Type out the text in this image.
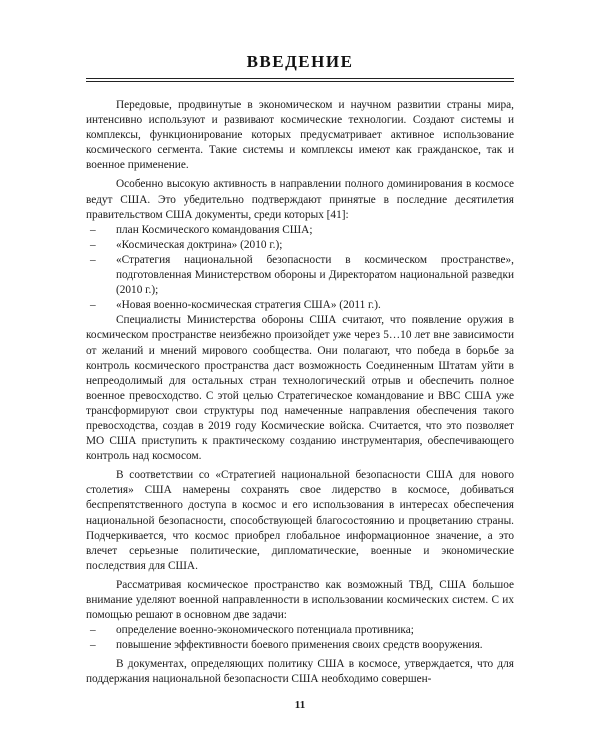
ВВЕДЕНИЕ

Передовые, продвинутые в экономическом и научном развитии страны мира, интенсивно используют и развивают космические технологии. Создают системы и комплексы, функционирование которых предусматривает активное использование космического сегмента. Такие системы и комплексы имеют как гражданское, так и военное применение.

Особенно высокую активность в направлении полного доминирования в космосе ведут США. Это убедительно подтверждают принятые в последние десятилетия правительством США документы, среди которых [41]:

– план Космического командования США;
– «Космическая доктрина» (2010 г.);
– «Стратегия национальной безопасности в космическом пространстве», подготовленная Министерством обороны и Директоратом национальной разведки (2010 г.);
– «Новая военно-космическая стратегия США» (2011 г.).

Специалисты Министерства обороны США считают, что появление оружия в космическом пространстве неизбежно произойдет уже через 5…10 лет вне зависимости от желаний и мнений мирового сообщества. Они полагают, что победа в борьбе за контроль космического пространства даст возможность Соединенным Штатам уйти в непреодолимый для остальных стран технологический отрыв и обеспечить полное военное превосходство. С этой целью Стратегическое командование и ВВС США уже трансформируют свои структуры под намеченные направления обеспечения такого превосходства, создав в 2019 году Космические войска. Считается, что это позволяет МО США приступить к практическому созданию инструментария, обеспечивающего контроль над космосом.

В соответствии со «Стратегией национальной безопасности США для нового столетия» США намерены сохранять свое лидерство в космосе, добиваться беспрепятственного доступа в космос и его использования в интересах обеспечения национальной безопасности, способствующей благосостоянию и процветанию страны. Подчеркивается, что космос приобрел глобальное информационное значение, а это влечет серьезные политические, дипломатические, военные и экономические последствия для США.

Рассматривая космическое пространство как возможный ТВД, США большое внимание уделяют военной направленности в использовании космических систем. С их помощью решают в основном две задачи:

– определение военно-экономического потенциала противника;
– повышение эффективности боевого применения своих средств вооружения.

В документах, определяющих политику США в космосе, утверждается, что для поддержания национальной безопасности США необходимо совершен-

11
